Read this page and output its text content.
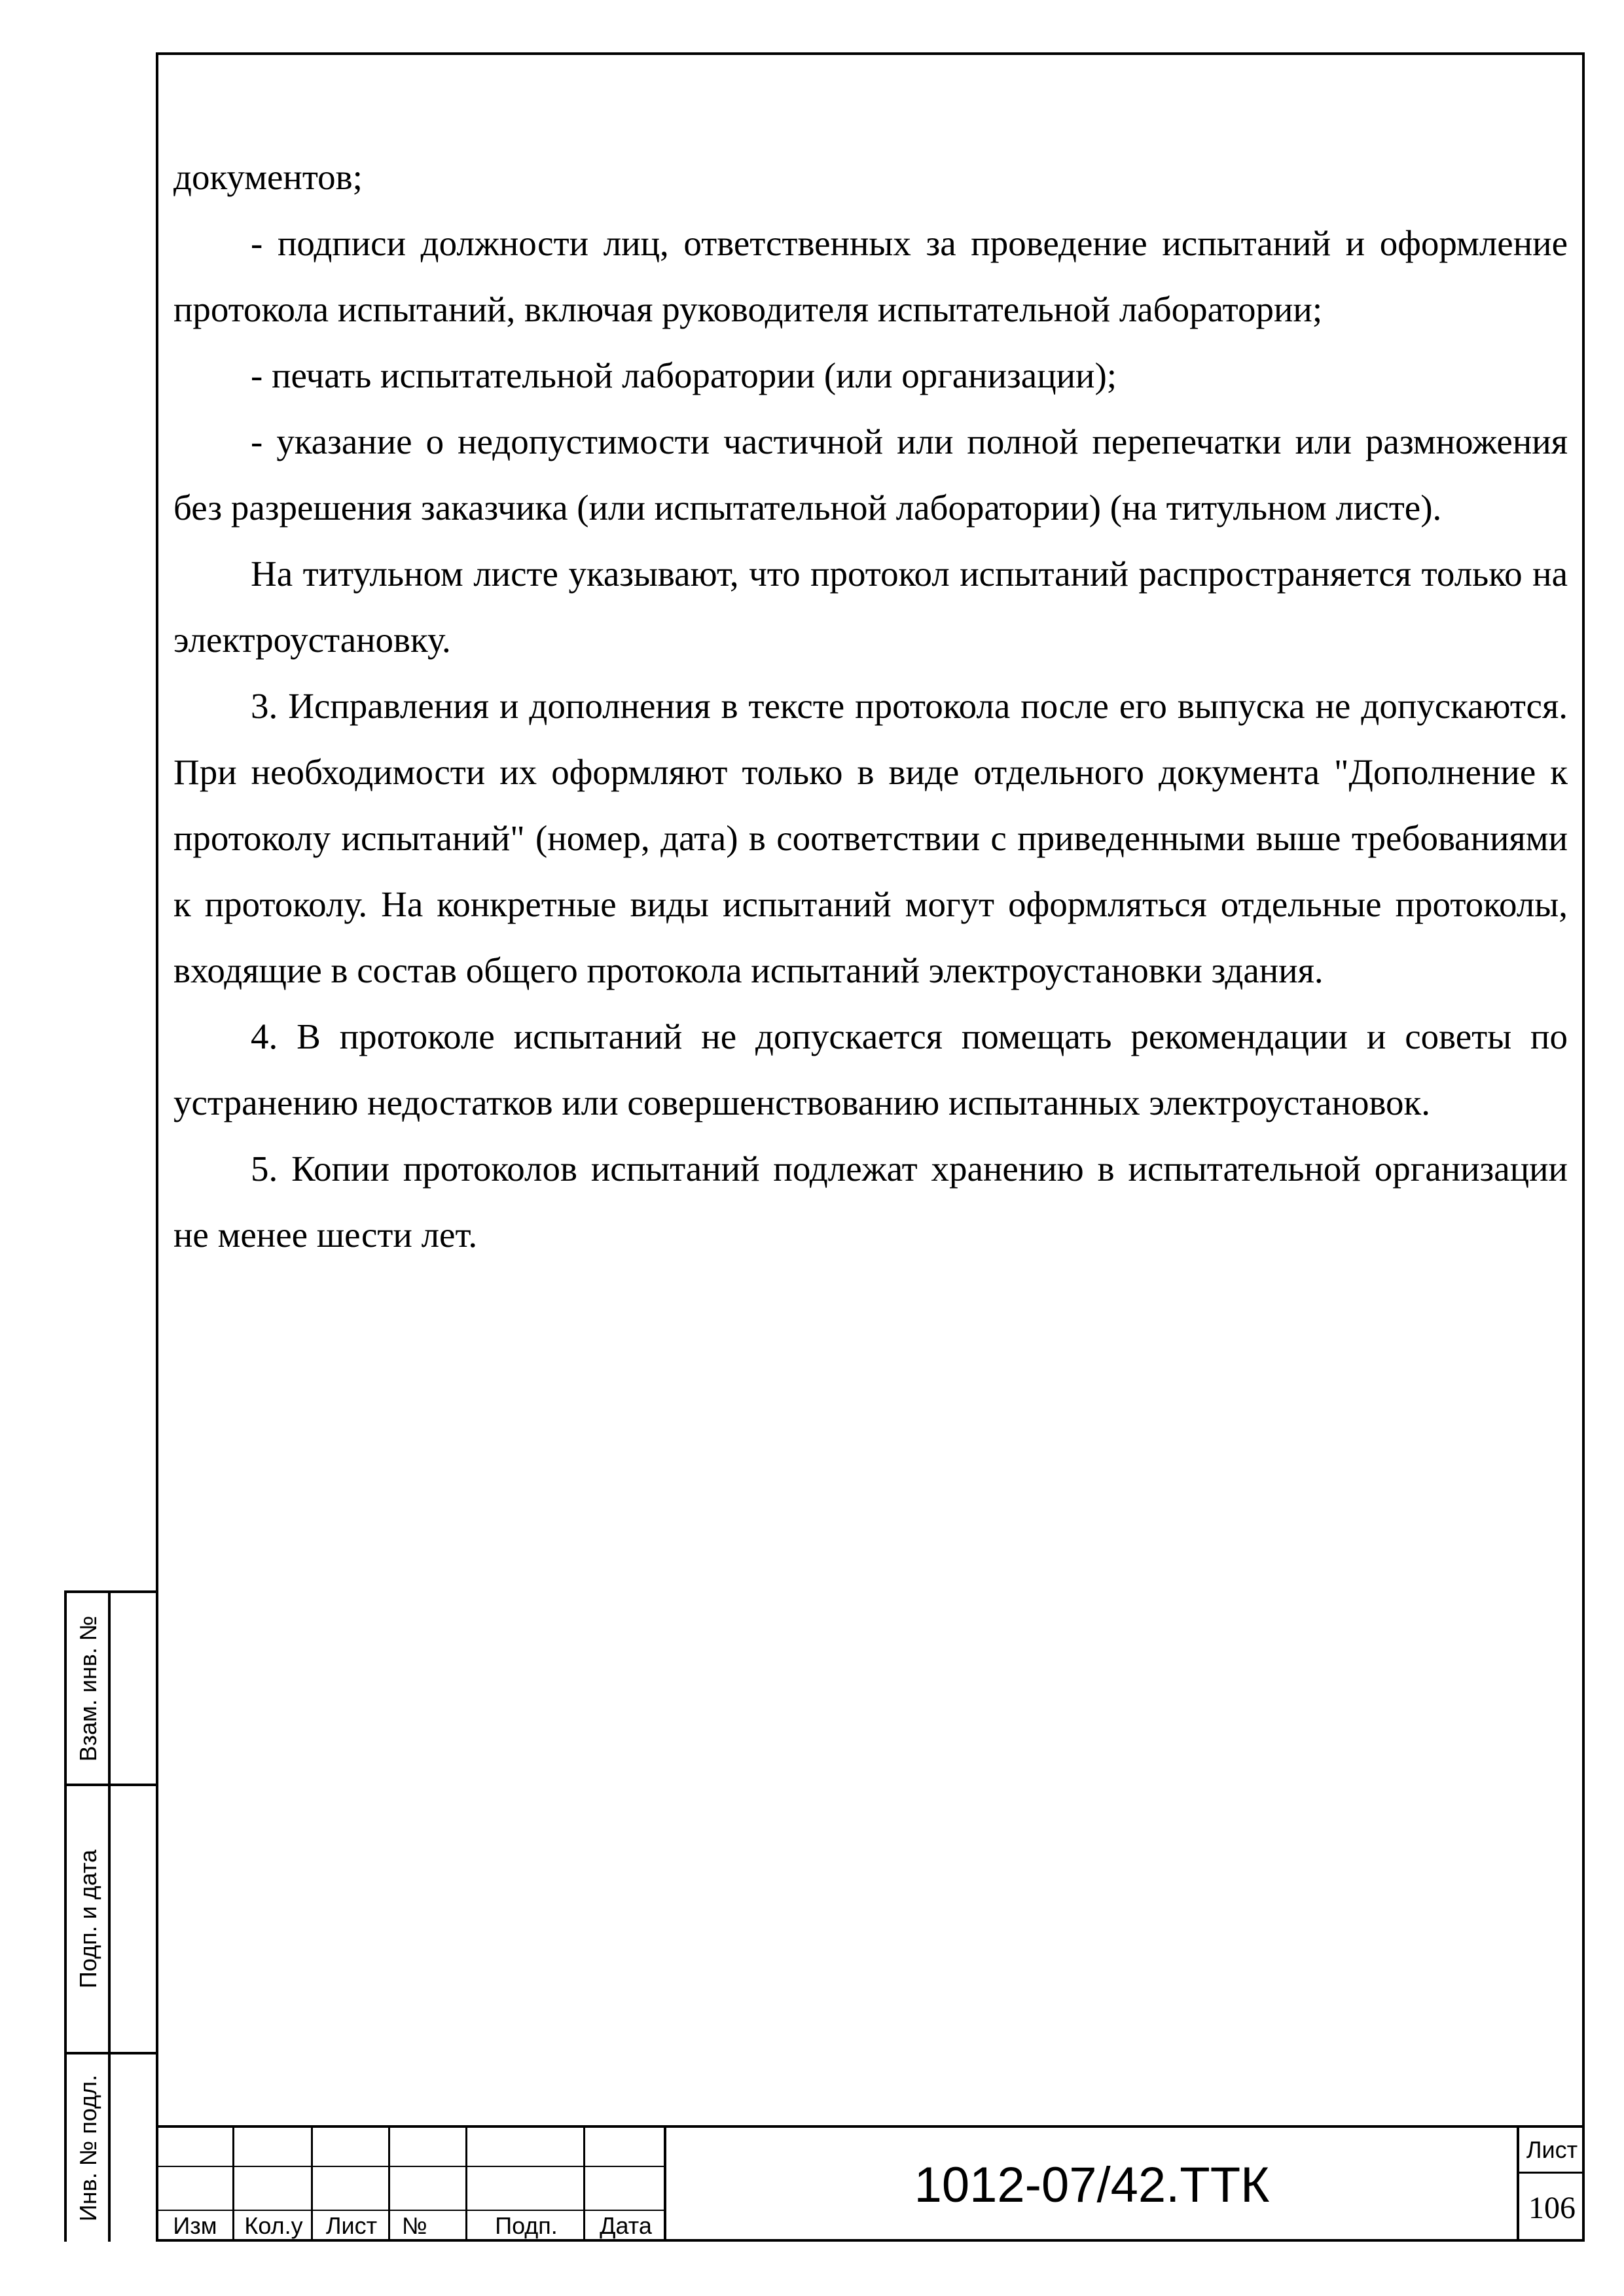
документов;

- подписи должности лиц, ответственных за проведение испытаний и оформление протокола испытаний, включая руководителя испытательной лаборатории;

- печать испытательной лаборатории (или организации);

- указание о недопустимости частичной или полной перепечатки или размножения без разрешения заказчика (или испытательной лаборатории) (на титульном листе).

На титульном листе указывают, что протокол испытаний распространяется только на электроустановку.

3. Исправления и дополнения в тексте протокола после его выпуска не допускаются. При необходимости их оформляют только в виде отдельного документа "Дополнение к протоколу испытаний" (номер, дата) в соответствии с приведенными выше требованиями к протоколу. На конкретные виды испытаний могут оформляться отдельные протоколы, входящие в состав общего протокола испытаний электроустановки здания.

4. В протоколе испытаний не допускается помещать рекомендации и советы по устранению недостатков или совершенствованию испытанных электроустановок.

5. Копии протоколов испытаний подлежат хранению в испытательной организации не менее шести лет.

Взам. инв. №
Подп. и дата
Инв. № подл.
Изм	Кол.у Лист	№	Подп.	Дата
1012-07/42.ТТК
Лист
106
